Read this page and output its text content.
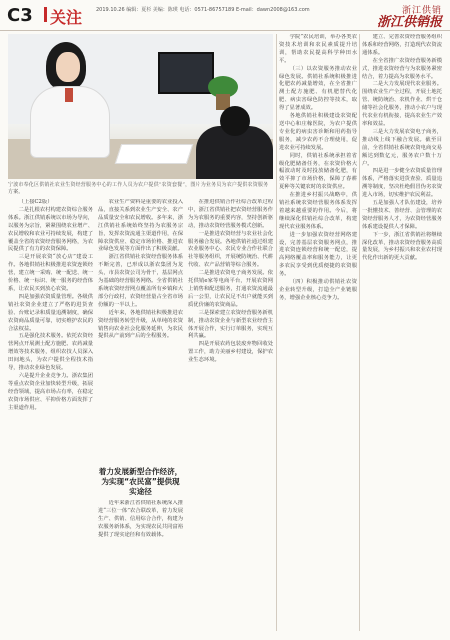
C3 关注	2019.10.26 编辑：夏杉 美编：陈瑛 电话：0571-86757189 E-mail：dawn2008@163.com	浙江供销
浙江供销报
宁波市奉化区供销社农业生资经营服务中心的工作人员为农户提供“农资套餐”，图片为业务员为农户提供农资服务方案。

（上接C2版）

二是扎根农村构建农资综合服务体系。浙江供销系统以市场为导向，以服务为宗旨，紧紧围绕农业增产、农民增收和农业可持续发展，构建了覆盖全省的农资经营服务网络，为农民提供了有力的农资保障。

三是开展农资“放心店”建设工作。各地供销社积极推进农资连锁经营，建立统一采购、统一配送、统一价格、统一标识、统一服务的经营体系，让农民买到放心农资。

四是加强农资质量管理。各级供销社农资企业建立了严格的进货查验、台账记录和质量追溯制度，确保农资商品质量可靠，切实维护农民的合法权益。

五是强化技术服务。依托农资经营网点开展测土配方施肥、农药减量增效等技术服务，组织农技人员深入田间地头，为农户提供全程技术指导，推动农业绿色发展。

六是提升企业竞争力。浙农集团等重点农资企业加快转型升级，拓展经营领域，提高市场占有率，在稳定农资市场供应、平抑价格方面发挥了主渠道作用。

农业生产资料是重要的农业投入品，直接关系到农业生产安全、农产品质量安全和农民增收。多年来，浙江供销社系统始终坚持为农服务宗旨，发挥农资流通主渠道作用，在保障农资供应、稳定市场价格、推进农业绿色发展等方面作出了积极贡献。

浙江省供销社农资经营服务体系不断完善，已形成以浙农集团为龙头，市县农资公司为骨干，基层网点为基础的经营服务网络。全省供销社系统农资经营网点覆盖所有乡镇和大部分行政村，农资经营量占全省市场份额的一半以上。

近年来，各地供销社积极推进农资经营服务转型升级，从单纯的农资销售向农业社会化服务延伸，为农民提供从产前到产后的全程服务。

着力发展新型合作经济，为实现“农民富”提供现实途径

近年来浙江省供销社系统深入推进“三位一体”农合联改革，着力发展生产、供销、信用综合合作，构建为农服务新体系，为实现农民共同富裕提供了现实途径和有效载体。

在推进供销合作社综合改革过程中，浙江省供销社把农资经营服务作为为农服务的重要内容，坚持创新驱动，推动农资经营服务模式创新。

一是推进农资经营与农业社会化服务融合发展。各地供销社通过组建农业服务中心、农民专业合作社联合社等服务组织，开展统防统治、代耕代收、农产品营销等综合服务。

二是推进农资电子商务发展。依托供销e家等电商平台，开展农资网上销售和配送服务，打通农资流通最后一公里，让农民足不出户就能买到质优价廉的农资商品。

三是探索建立农资经营服务新机制，推动农资企业与新型农业经营主体开展合作，实行订单服务，实现互利共赢。

四是开展农药包装废弃物回收处置工作，助力美丽乡村建设，保护农业生态环境。

学院”农民培训，举办各类农资技术培训和农民素质提升培训，帮助农民提高科学种田水平。

（三）以农资服务推动农业绿色发展。供销社系统积极推进化肥农药减量增效，在全省推广测土配方施肥、有机肥替代化肥、病虫害绿色防控等技术，取得了显著成效。

各地供销社积极建设农资配送中心和庄稼医院，为农户提供专业化的病虫害诊断和用药指导服务，减少农药不合理使用，促进农业可持续发展。

同时，供销社系统承担着省级化肥储备任务，在农资价格大幅波动时及时投放储备化肥，有效平抑了市场价格，保障了春耕夏种等关键农时的农资供应。

在推进乡村振兴战略中，供销社系统农资经营服务体系发挥着越来越重要的作用。今后，将继续深化供销社综合改革，构建现代农业服务体系。

进一步加强农资经营网络建设，完善基层农资服务网点，推进农资连锁经营和统一配送，提高网络覆盖率和服务能力，让更多农民享受到优质便捷的农资服务。

（四）积极推动供销社农资企业转型升级，打造全产业链服务，增强企业核心竞争力。

建立、完善农资经营服务组织体系和经营网络，打造现代农资流通体系。

在全省推广农资经营服务新模式，推进农资经营与为农服务紧密结合，着力提高为农服务水平。

二是大力发展现代农业服务。围绕农业生产全过程，开展土地托管、统防统治、农机作业、烘干仓储等社会化服务，推动小农户与现代农业有机衔接，提高农业生产效率和效益。

三是大力发展农资电子商务，推动线上线下融合发展。截至目前，全省供销社系统农资电商交易额达到数亿元，服务农户数十万户。

四是进一步健全农资质量管理体系，严格落实进货查验、质量追溯等制度，坚决杜绝假冒伪劣农资进入市场，切实维护农民利益。

五是加强人才队伍建设，培养一批懂技术、善经营、会管理的农资经营服务人才，为农资经营服务体系建设提供人才保障。

下一步，浙江省供销社将继续深化改革，推动农资经营服务高质量发展，为乡村振兴和农业农村现代化作出新的更大贡献。
